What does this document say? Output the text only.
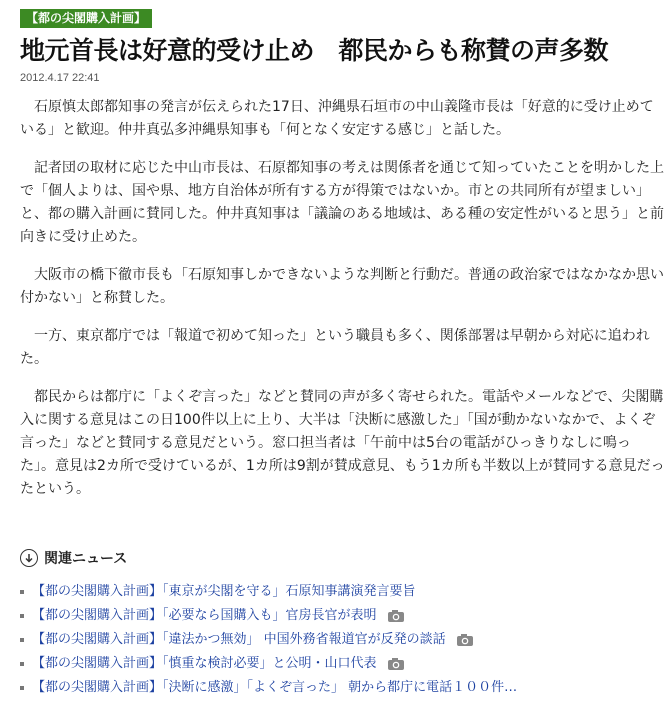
【都の尖閣購入計画】
地元首長は好意的受け止め　都民からも称賛の声多数
2012.4.17 22:41

石原慎太郎都知事の発言が伝えられた17日、沖縄県石垣市の中山義隆市長は「好意的に受け止めている」と歓迎。仲井真弘多沖縄県知事も「何となく安定する感じ」と話した。

記者団の取材に応じた中山市長は、石原都知事の考えは関係者を通じて知っていたことを明かした上で「個人よりは、国や県、地方自治体が所有する方が得策ではないか。市との共同所有が望ましい」と、都の購入計画に賛同した。仲井真知事は「議論のある地域は、ある種の安定性がいると思う」と前向きに受け止めた。

大阪市の橋下徹市長も「石原知事しかできないような判断と行動だ。普通の政治家ではなかなか思い付かない」と称賛した。

一方、東京都庁では「報道で初めて知った」という職員も多く、関係部署は早朝から対応に追われた。

都民からは都庁に「よくぞ言った」などと賛同の声が多く寄せられた。電話やメールなどで、尖閣購入に関する意見はこの日100件以上に上り、大半は「決断に感激した」「国が動かないなかで、よくぞ言った」などと賛同する意見だという。窓口担当者は「午前中は5台の電話がひっきりなしに鳴った」。意見は2カ所で受けているが、1カ所は9割が賛成意見、もう1カ所も半数以上が賛同する意見だったという。

関連ニュース
【都の尖閣購入計画】「東京が尖閣を守る」石原知事講演発言要旨
【都の尖閣購入計画】「必要なら国購入も」官房長官が表明
【都の尖閣購入計画】「違法かつ無効」 中国外務省報道官が反発の談話
【都の尖閣購入計画】「慎重な検討必要」と公明・山口代表
【都の尖閣購入計画】「決断に感激」「よくぞ言った」 朝から都庁に電話１００件…
